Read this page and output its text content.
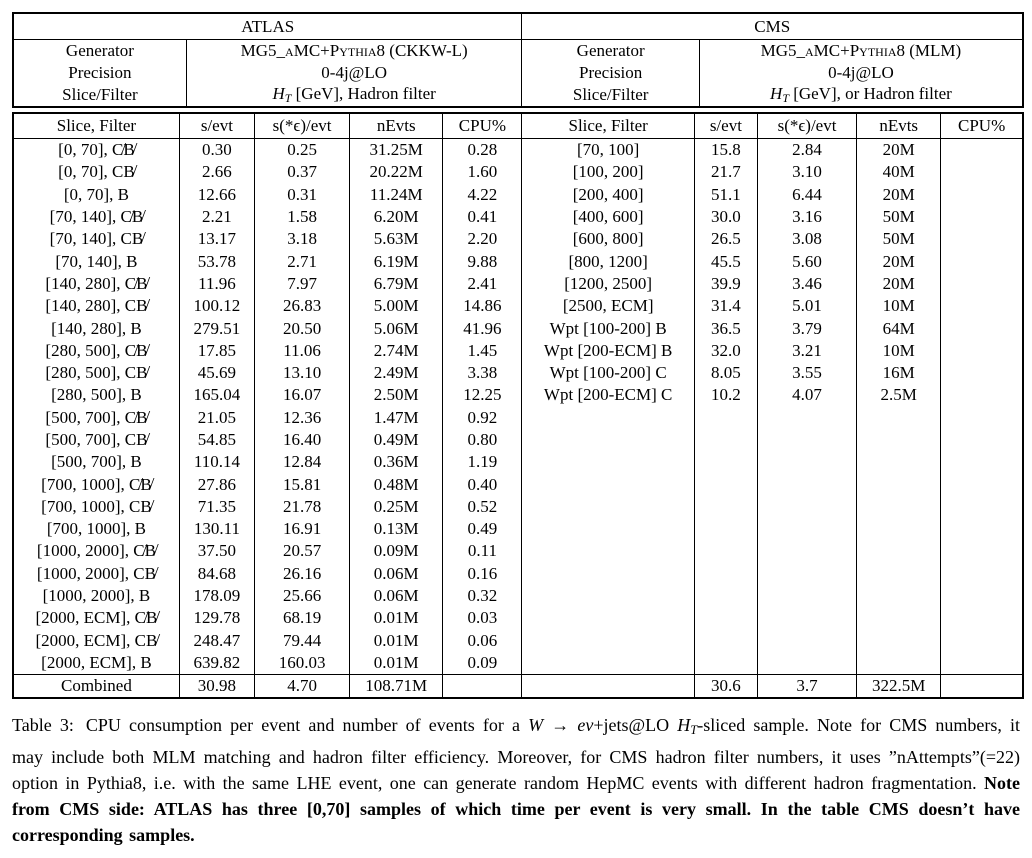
ATLAS		CMS	
Generator	MG5_aMC+Pythia8 (CKKW-L)	Generator	MG5_aMC+Pythia8 (MLM)
Precision	0-4j@LO	Precision	0-4j@LO
Slice/Filter	HT [GeV], Hadron filter	Slice/Filter	HT [GeV], or Hadron filter
Slice, Filter	s/evt	s(*ϵ)/evt	nEvts	CPU%	Slice, Filter	s/evt	s(*ϵ)/evt	nEvts	CPU%
[0, 70], C̸B̸	0.30	0.25	31.25M	0.28	[70, 100]	15.8	2.84	20M	
[0, 70], CB̸	2.66	0.37	20.22M	1.60	[100, 200]	21.7	3.10	40M	
[0, 70], B	12.66	0.31	11.24M	4.22	[200, 400]	51.1	6.44	20M	
[70, 140], C̸B̸	2.21	1.58	6.20M	0.41	[400, 600]	30.0	3.16	50M	
[70, 140], CB̸	13.17	3.18	5.63M	2.20	[600, 800]	26.5	3.08	50M	
[70, 140], B	53.78	2.71	6.19M	9.88	[800, 1200]	45.5	5.60	20M	
[140, 280], C̸B̸	11.96	7.97	6.79M	2.41	[1200, 2500]	39.9	3.46	20M	
[140, 280], CB̸	100.12	26.83	5.00M	14.86	[2500, ECM]	31.4	5.01	10M	
[140, 280], B	279.51	20.50	5.06M	41.96	Wpt [100-200] B	36.5	3.79	64M	
[280, 500], C̸B̸	17.85	11.06	2.74M	1.45	Wpt [200-ECM] B	32.0	3.21	10M	
[280, 500], CB̸	45.69	13.10	2.49M	3.38	Wpt [100-200] C	8.05	3.55	16M	
[280, 500], B	165.04	16.07	2.50M	12.25	Wpt [200-ECM] C	10.2	4.07	2.5M	
[500, 700], C̸B̸	21.05	12.36	1.47M	0.92					
[500, 700], CB̸	54.85	16.40	0.49M	0.80					
[500, 700], B	110.14	12.84	0.36M	1.19					
[700, 1000], C̸B̸	27.86	15.81	0.48M	0.40					
[700, 1000], CB̸	71.35	21.78	0.25M	0.52					
[700, 1000], B	130.11	16.91	0.13M	0.49					
[1000, 2000], C̸B̸	37.50	20.57	0.09M	0.11					
[1000, 2000], CB̸	84.68	26.16	0.06M	0.16					
[1000, 2000], B	178.09	25.66	0.06M	0.32					
[2000, ECM], C̸B̸	129.78	68.19	0.01M	0.03					
[2000, ECM], CB̸	248.47	79.44	0.01M	0.06					
[2000, ECM], B	639.82	160.03	0.01M	0.09					
Combined	30.98	4.70	108.71M			30.6	3.7	322.5M	

Table 3: CPU consumption per event and number of events for a W → eν+jets@LO HT-sliced sample. Note for CMS numbers, it may include both MLM matching and hadron filter efficiency. Moreover, for CMS hadron filter numbers, it uses ”nAttempts”(=22) option in Pythia8, i.e. with the same LHE event, one can generate random HepMC events with different hadron fragmentation. Note from CMS side: ATLAS has three [0,70] samples of which time per event is very small. In the table CMS doesn’t have corresponding samples.
